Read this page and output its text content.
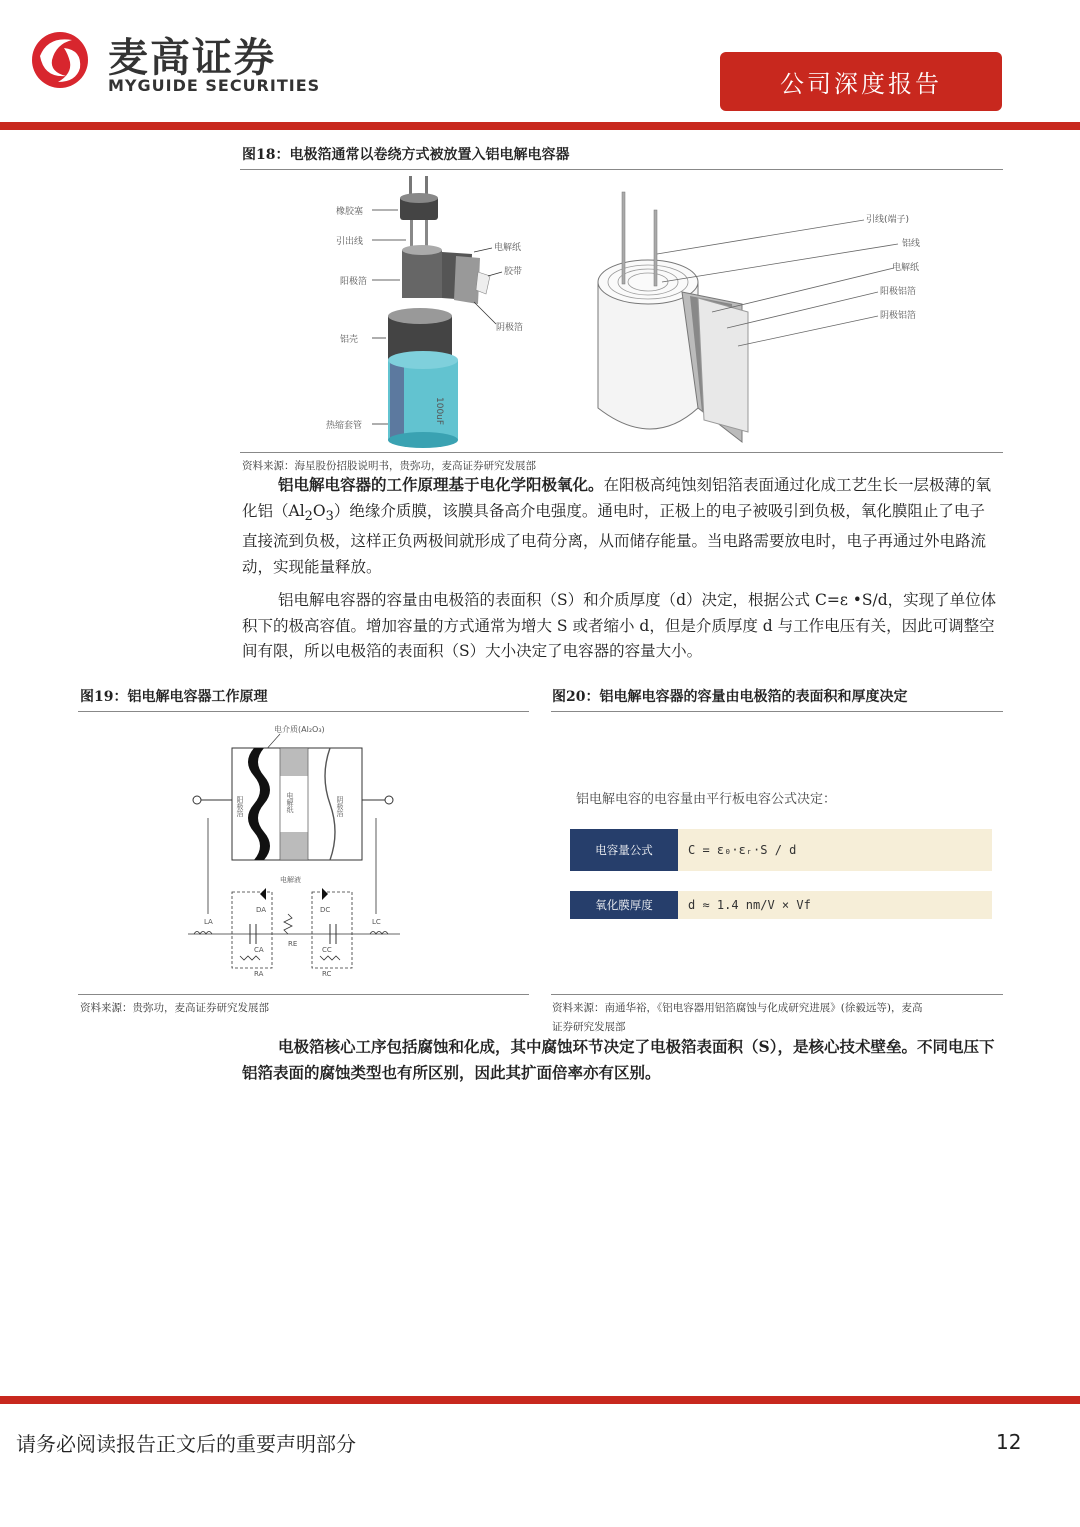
麦高证券
MYGUIDE SECURITIES	公司深度报告
图18：电极箔通常以卷绕方式被放置入铝电解电容器
100uF
橡胶塞
引出线
阳极箔
铝壳
热缩套管
电解纸
胶带
阴极箔
引线(端子)
铝线
电解纸
阳极铝箔
阴极铝箔
资料来源：海星股份招股说明书，贵弥功，麦高证券研究发展部

铝电解电容器的工作原理基于电化学阳极氧化。在阳极高纯蚀刻铝箔表面通过化成工艺生长一层极薄的氧化铝$(Al_2O_3)$绝缘介质膜，该膜具备高介电强度。通电时，正极上的电子被吸引到负极，氧化膜阻止了电子直接流到负极，这样正负两极间就形成了电荷分离，从而储存能量。当电路需要放电时，电子再通过外电路流动，实现能量释放。

铝电解电容器的容量由电极箔的表面积（S）和介质厚度（d）决定，根据公式 C=ε •S/d，实现了单位体积下的极高容值。增加容量的方式通常为增大 S 或者缩小 d，但是介质厚度 d 与工作电压有关，因此可调整空间有限，所以电极箔的表面积（S）大小决定了电容器的容量大小。

图19：铝电解电容器工作原理
电介质(Al₂O₃)
阳极箔	电解纸	阴极箔
电解液
DA	DC
CA	CC
RE
RA	RC
LA	LC
资料来源：贵弥功，麦高证券研究发展部
图20：铝电解电容器的容量由电极箔的表面积和厚度决定
铝电解电容的电容量由平行板电容公式决定：
电容量公式	C = ε₀·εᵣ·S / d
氧化膜厚度	d ≈ 1.4 nm/V × Vf
资料来源：南通华裕，《铝电容器用铝箔腐蚀与化成研究进展》(徐毅远等)，麦高
证券研究发展部

电极箔核心工序包括腐蚀和化成，其中腐蚀环节决定了电极箔表面积（S），是核心技术壁垒。不同电压下铝箔表面的腐蚀类型也有所区别，因此其扩面倍率亦有区别。

请务必阅读报告正文后的重要声明部分	12
